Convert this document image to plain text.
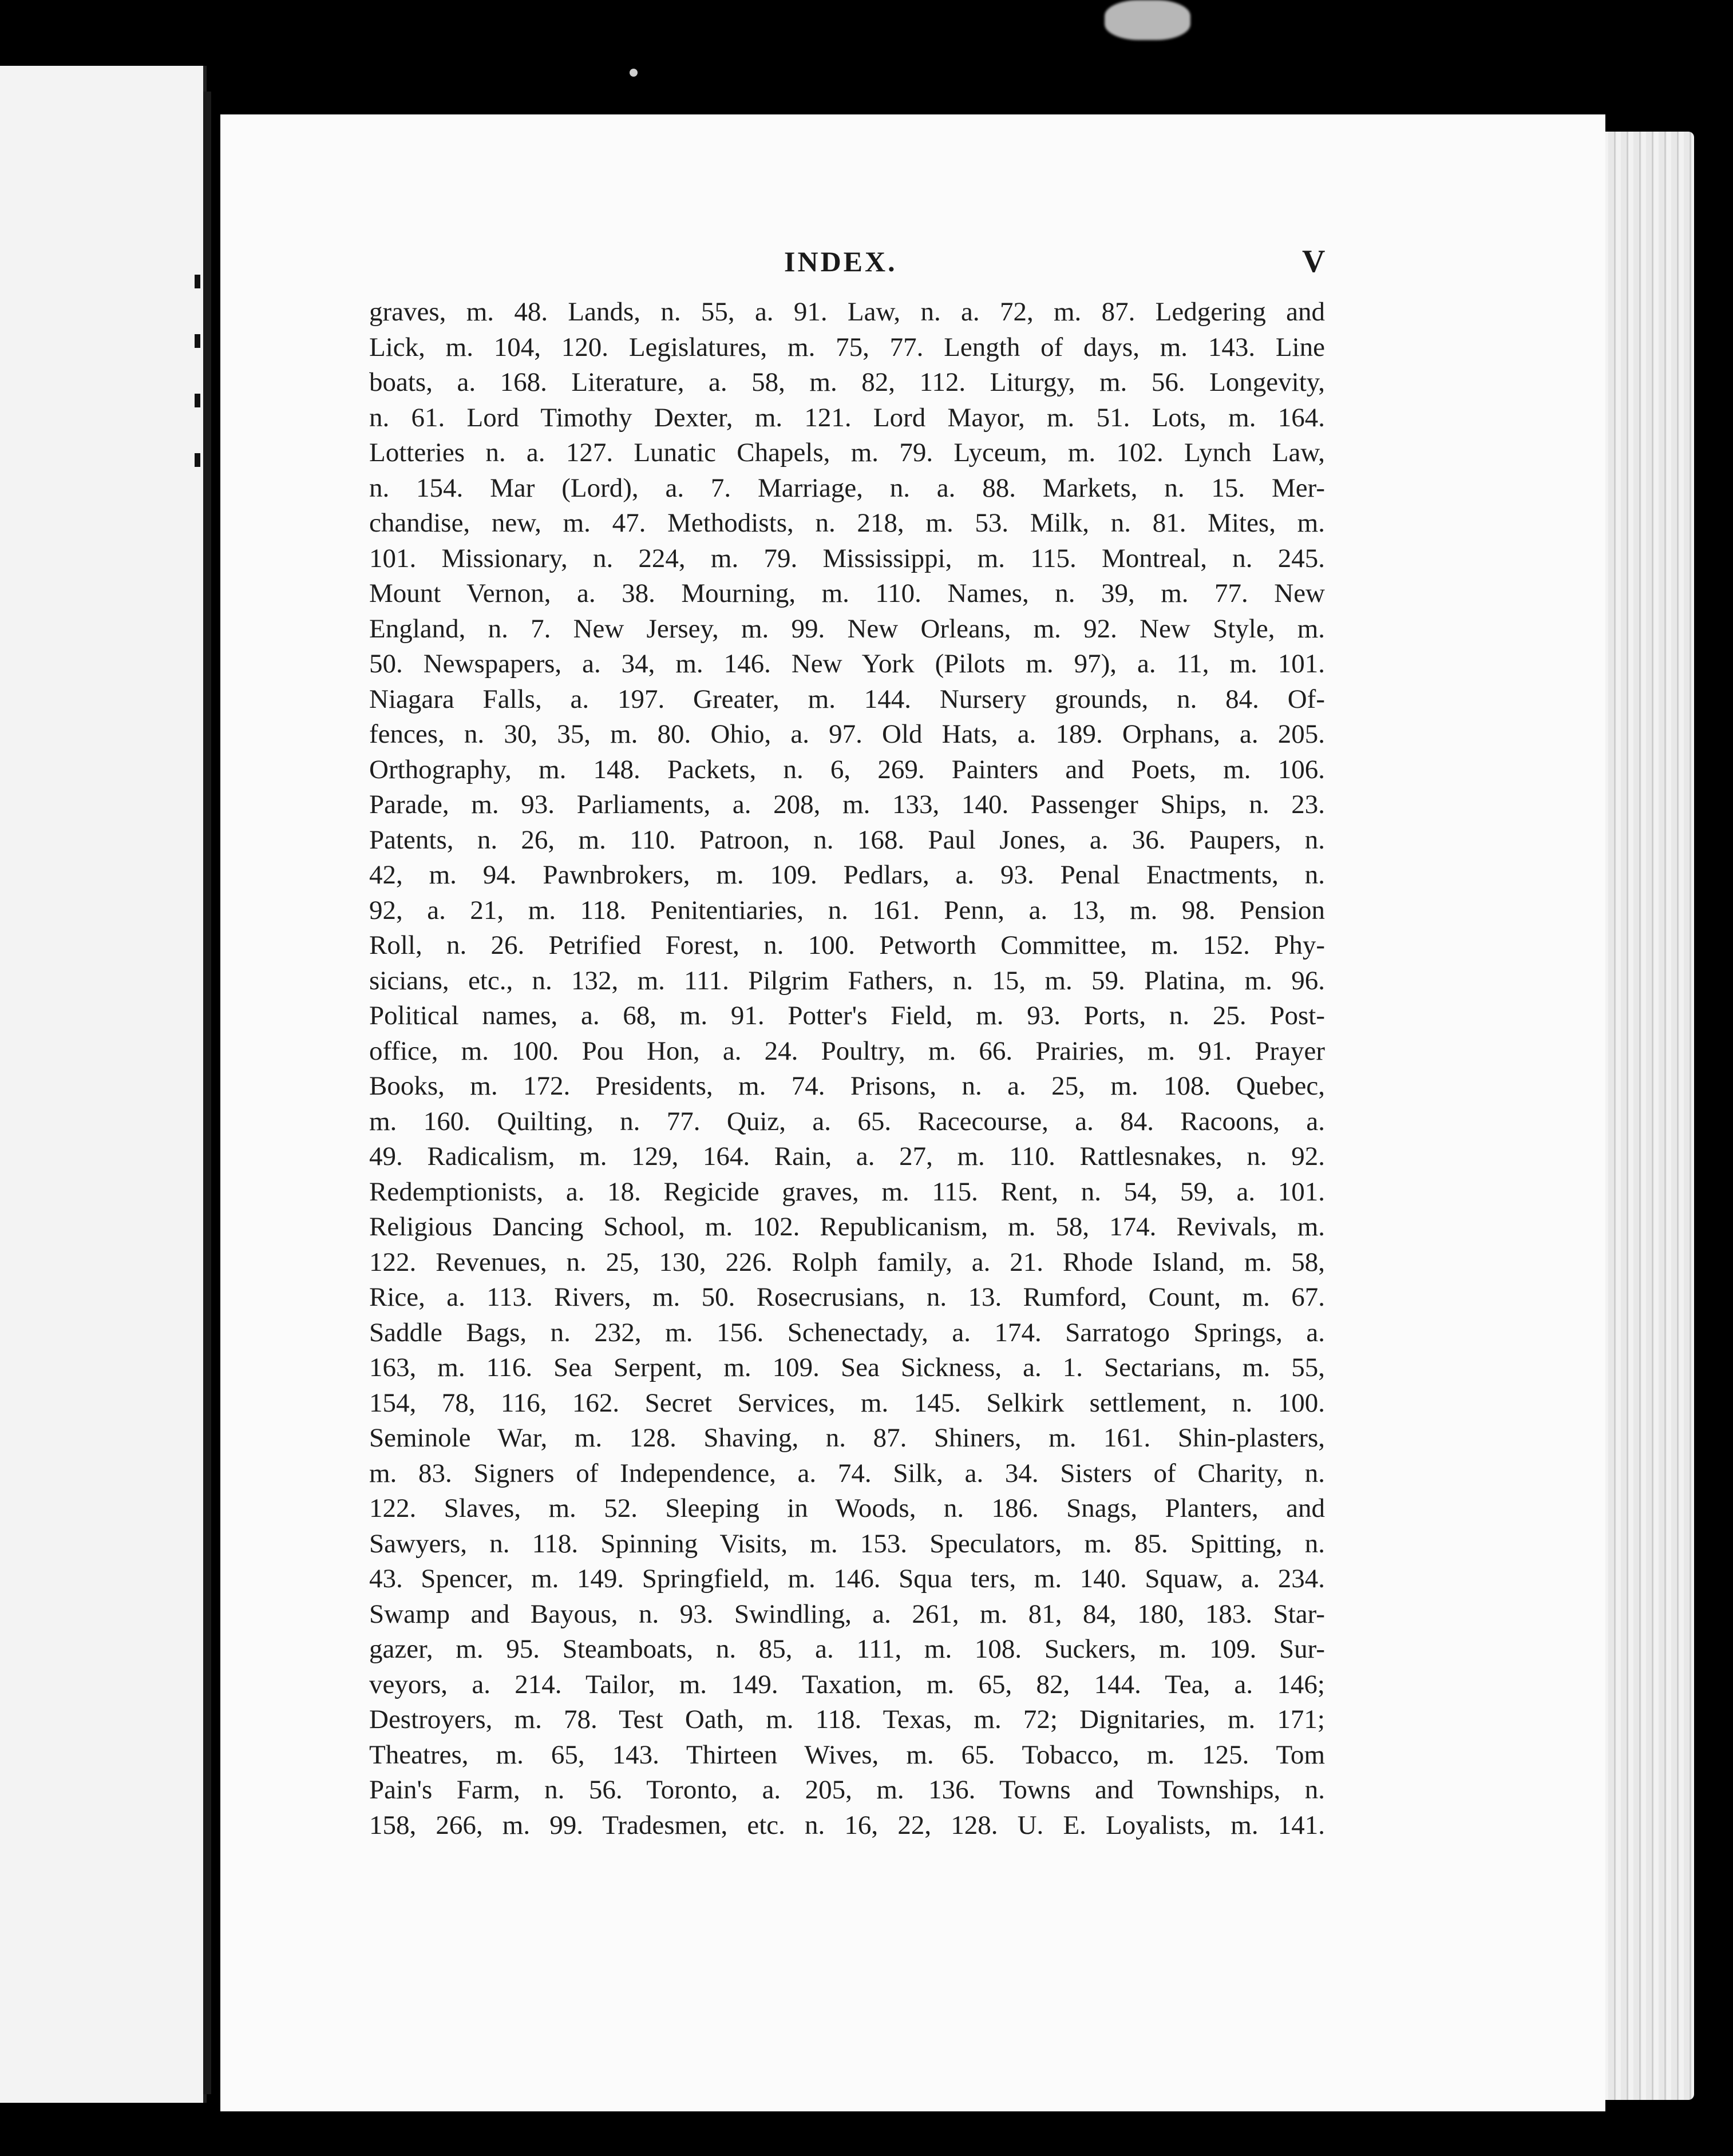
INDEX.	V
graves, m. 48. Lands, n. 55, a. 91. Law, n. a. 72, m. 87. Ledgering and
Lick, m. 104, 120. Legislatures, m. 75, 77. Length of days, m. 143. Line
boats, a. 168. Literature, a. 58, m. 82, 112. Liturgy, m. 56. Longevity,
n. 61. Lord Timothy Dexter, m. 121. Lord Mayor, m. 51. Lots, m. 164.
Lotteries n. a. 127. Lunatic Chapels, m. 79. Lyceum, m. 102. Lynch Law,
n. 154. Mar (Lord), a. 7. Marriage, n. a. 88. Markets, n. 15. Mer-
chandise, new, m. 47. Methodists, n. 218, m. 53. Milk, n. 81. Mites, m.
101. Missionary, n. 224, m. 79. Mississippi, m. 115. Montreal, n. 245.
Mount Vernon, a. 38. Mourning, m. 110. Names, n. 39, m. 77. New
England, n. 7. New Jersey, m. 99. New Orleans, m. 92. New Style, m.
50. Newspapers, a. 34, m. 146. New York (Pilots m. 97), a. 11, m. 101.
Niagara Falls, a. 197. Greater, m. 144. Nursery grounds, n. 84. Of-
fences, n. 30, 35, m. 80. Ohio, a. 97. Old Hats, a. 189. Orphans, a. 205.
Orthography, m. 148. Packets, n. 6, 269. Painters and Poets, m. 106.
Parade, m. 93. Parliaments, a. 208, m. 133, 140. Passenger Ships, n. 23.
Patents, n. 26, m. 110. Patroon, n. 168. Paul Jones, a. 36. Paupers, n.
42, m. 94. Pawnbrokers, m. 109. Pedlars, a. 93. Penal Enactments, n.
92, a. 21, m. 118. Penitentiaries, n. 161. Penn, a. 13, m. 98. Pension
Roll, n. 26. Petrified Forest, n. 100. Petworth Committee, m. 152. Phy-
sicians, etc., n. 132, m. 111. Pilgrim Fathers, n. 15, m. 59. Platina, m. 96.
Political names, a. 68, m. 91. Potter's Field, m. 93. Ports, n. 25. Post-
office, m. 100. Pou Hon, a. 24. Poultry, m. 66. Prairies, m. 91. Prayer
Books, m. 172. Presidents, m. 74. Prisons, n. a. 25, m. 108. Quebec,
m. 160. Quilting, n. 77. Quiz, a. 65. Racecourse, a. 84. Racoons, a.
49. Radicalism, m. 129, 164. Rain, a. 27, m. 110. Rattlesnakes, n. 92.
Redemptionists, a. 18. Regicide graves, m. 115. Rent, n. 54, 59, a. 101.
Religious Dancing School, m. 102. Republicanism, m. 58, 174. Revivals, m.
122. Revenues, n. 25, 130, 226. Rolph family, a. 21. Rhode Island, m. 58,
Rice, a. 113. Rivers, m. 50. Rosecrusians, n. 13. Rumford, Count, m. 67.
Saddle Bags, n. 232, m. 156. Schenectady, a. 174. Sarratogo Springs, a.
163, m. 116. Sea Serpent, m. 109. Sea Sickness, a. 1. Sectarians, m. 55,
154, 78, 116, 162. Secret Services, m. 145. Selkirk settlement, n. 100.
Seminole War, m. 128. Shaving, n. 87. Shiners, m. 161. Shin-plasters,
m. 83. Signers of Independence, a. 74. Silk, a. 34. Sisters of Charity, n.
122. Slaves, m. 52. Sleeping in Woods, n. 186. Snags, Planters, and
Sawyers, n. 118. Spinning Visits, m. 153. Speculators, m. 85. Spitting, n.
43. Spencer, m. 149. Springfield, m. 146. Squa ters, m. 140. Squaw, a. 234.
Swamp and Bayous, n. 93. Swindling, a. 261, m. 81, 84, 180, 183. Star-
gazer, m. 95. Steamboats, n. 85, a. 111, m. 108. Suckers, m. 109. Sur-
veyors, a. 214. Tailor, m. 149. Taxation, m. 65, 82, 144. Tea, a. 146;
Destroyers, m. 78. Test Oath, m. 118. Texas, m. 72; Dignitaries, m. 171;
Theatres, m. 65, 143. Thirteen Wives, m. 65. Tobacco, m. 125. Tom
Pain's Farm, n. 56. Toronto, a. 205, m. 136. Towns and Townships, n.
158, 266, m. 99. Tradesmen, etc. n. 16, 22, 128. U. E. Loyalists, m. 141.
